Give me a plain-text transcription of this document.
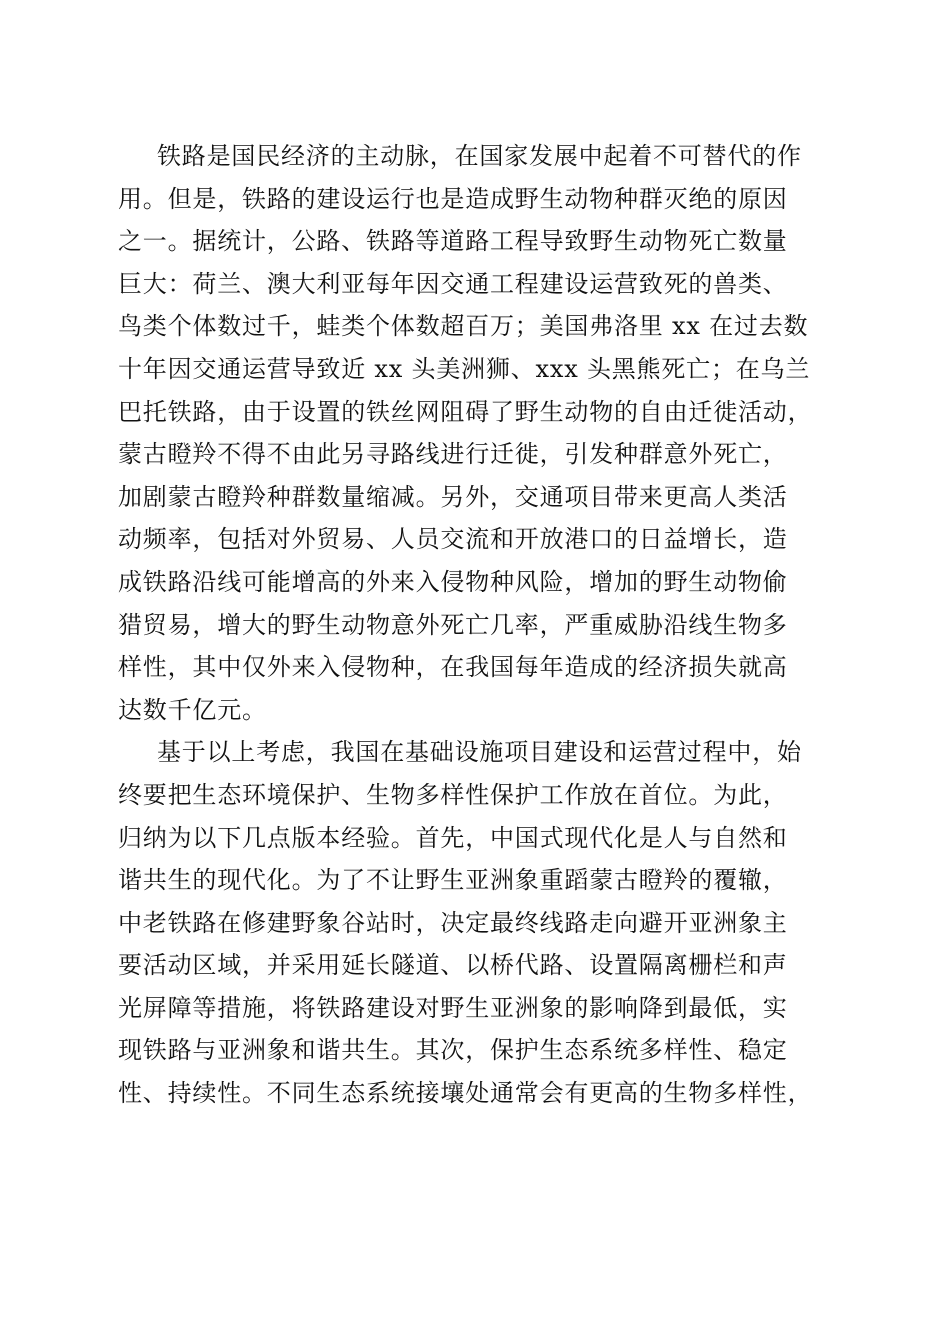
铁路是国民经济的主动脉，在国家发展中起着不可替代的作
用。但是，铁路的建设运行也是造成野生动物种群灭绝的原因
之一。据统计，公路、铁路等道路工程导致野生动物死亡数量
巨大：荷兰、澳大利亚每年因交通工程建设运营致死的兽类、
鸟类个体数过千，蛙类个体数超百万；美国弗洛里 xx 在过去数
十年因交通运营导致近 xx 头美洲狮、xxx 头黑熊死亡；在乌兰
巴托铁路，由于设置的铁丝网阻碍了野生动物的自由迁徙活动，
蒙古瞪羚不得不由此另寻路线进行迁徙，引发种群意外死亡，
加剧蒙古瞪羚种群数量缩减。另外，交通项目带来更高人类活
动频率，包括对外贸易、人员交流和开放港口的日益增长，造
成铁路沿线可能增高的外来入侵物种风险，增加的野生动物偷
猎贸易，增大的野生动物意外死亡几率，严重威胁沿线生物多
样性，其中仅外来入侵物种，在我国每年造成的经济损失就高
达数千亿元。
基于以上考虑，我国在基础设施项目建设和运营过程中，始
终要把生态环境保护、生物多样性保护工作放在首位。为此，
归纳为以下几点版本经验。首先，中国式现代化是人与自然和
谐共生的现代化。为了不让野生亚洲象重蹈蒙古瞪羚的覆辙，
中老铁路在修建野象谷站时，决定最终线路走向避开亚洲象主
要活动区域，并采用延长隧道、以桥代路、设置隔离栅栏和声
光屏障等措施，将铁路建设对野生亚洲象的影响降到最低，实
现铁路与亚洲象和谐共生。其次，保护生态系统多样性、稳定
性、持续性。不同生态系统接壤处通常会有更高的生物多样性，
